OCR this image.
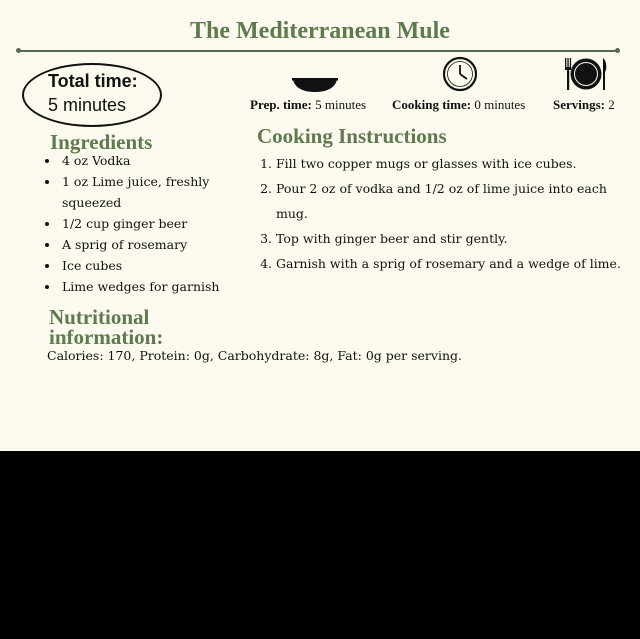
The Mediterranean Mule
Total time:
5 minutes	Prep. time: 5 minutes Cooking time: 0 minutes Servings: 2
Ingredients
• 4 oz Vodka
• 1 oz Lime juice, freshly squeezed
• 1/2 cup ginger beer
• A sprig of rosemary
• Ice cubes
• Lime wedges for garnish
Cooking Instructions
1. Fill two copper mugs or glasses with ice cubes.
2. Pour 2 oz of vodka and 1/2 oz of lime juice into each mug.
3. Top with ginger beer and stir gently.
4. Garnish with a sprig of rosemary and a wedge of lime.
Nutritional
information:
Calories: 170, Protein: 0g, Carbohydrate: 8g, Fat: 0g per serving.
